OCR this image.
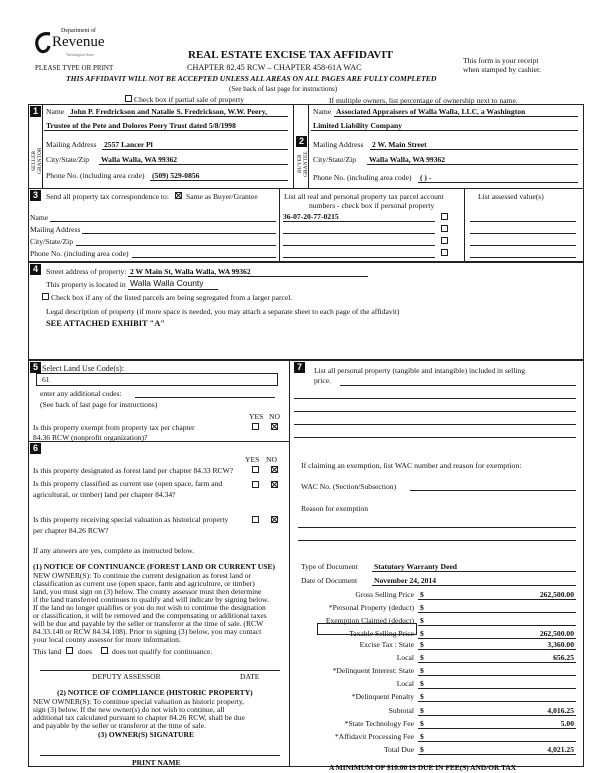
Department of
Revenue
Washington State
PLEASE TYPE OR PRINT
REAL ESTATE EXCISE TAX AFFIDAVIT
CHAPTER 82.45 RCW – CHAPTER 458-61A WAC
This form is your receipt
when stamped by cashier.
THIS AFFIDAVIT WILL NOT BE ACCEPTED UNLESS ALL AREAS ON ALL PAGES ARE FULLY COMPLETED
(See back of last page for instructions)
Check box if partial sale of property	If multiple owners, list percentage of ownership next to name.
1
SELLER GRANTOR
Name John P. Fredrickson and Natalie S. Fredrickson, W.W. Peery,
Trustee of the Pete and Dolores Peery Trust dated 5/8/1998
Mailing Address 2557 Lancer Pl
City/State/Zip Walla Walla, WA 99362
Phone No. (including area code) (509) 529-0856
2
BUYER GRANTEE
Name Associated Appraisers of Walla Walla, LLC, a Washington
Limited Liability Company
Mailing Address 2 W. Main Street
City/State/Zip Walla Walla, WA 99362
Phone No. (including area code) ( ) -
3	Send all property tax correspondence to: Same as Buyer/Grantee
Name
Mailing Address
City/State/Zip
Phone No. (including area code)
List all real and personal property tax parcel account
numbers - check box if personal property
36-07-20-77-0215
List assessed value(s)
4	Street address of property: 2 W Main St, Walla Walla, WA 99362
This property is located in Walla Walla County
Check box if any of the listed parcels are being segregated from a larger parcel.
Legal description of property (if more space is needed, you may attach a separate sheet to each page of the affidavit)
SEE ATTACHED EXHIBIT "A"
5 Select Land Use Code(s):
61
enter any additional codes:
(See back of last page for instructions)
YES NO
Is this property exempt from property tax per chapter
84.36 RCW (nonprofit organization)?
6
YES NO
Is this property designated as forest land per chapter 84.33 RCW?
Is this property classified as current use (open space, farm and
agricultural, or timber) land per chapter 84.34?
Is this property receiving special valuation as historical property
per chapter 84.26 RCW?
If any answers are yes, complete as instructed below.
(1) NOTICE OF CONTINUANCE (FOREST LAND OR CURRENT USE)
NEW OWNER(S): To continue the current designation as forest land or
classification as current use (open space, farm and agriculture, or timber)
land, you must sign on (3) below. The county assessor must then determine
if the land transferred continues to qualify and will indicate by signing below.
If the land no longer qualifies or you do not wish to continue the designation
or classification, it will be removed and the compensating or additional taxes
will be due and payable by the seller or transferor at the time of sale. (RCW
84.33.140 or RCW 84.34.108). Prior to signing (3) below, you may contact
your local county assessor for more information.
This land does	does not qualify for continuance.
DEPUTY ASSESSOR	DATE
(2) NOTICE OF COMPLIANCE (HISTORIC PROPERTY)
NEW OWNER(S): To continue special valuation as historic property,
sign (3) below. If the new owner(s) do not wish to continue, all
additional tax calculated pursuant to chapter 84.26 RCW, shall be due
and payable by the seller or transferor at the time of sale.
(3) OWNER(S) SIGNATURE
PRINT NAME
7	List all personal property (tangible and intangible) included in selling
price.
If claiming an exemption, list WAC number and reason for exemption:
WAC No. (Section/Subsection)
Reason for exemption
Type of Document Statutory Warranty Deed
Date of Document November 24, 2014
Gross Selling Price $	262,500.00
*Personal Property (deduct) $
Exemption Claimed (deduct) $
Taxable Selling Price $	262,500.00
Excise Tax : State $	3,360.00
Local $	656.25
*Delinquent Interest: State $
Local $
*Delinquent Penalty $
Subtotal $	4,016.25
*State Technology Fee $	5.00
*Affidavit Processing Fee $
Total Due $	4,021.25
A MINIMUM OF $10.00 IS DUE IN FEE(S) AND/OR TAX
